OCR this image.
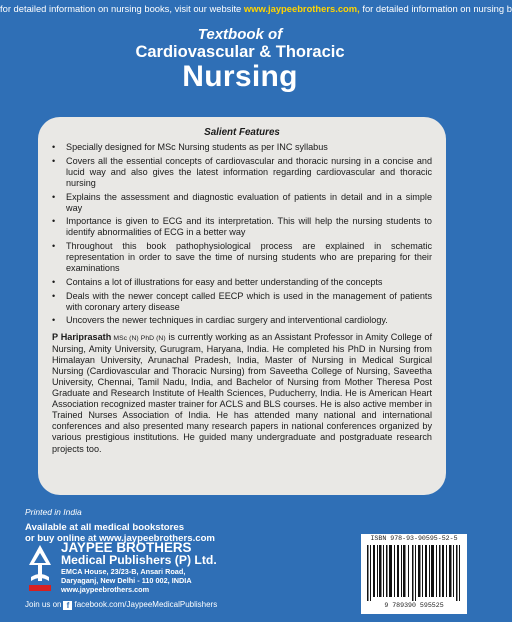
for detailed information on nursing books, visit our website www.jaypeebrothers.com, for detailed information on nursing b
Textbook of
Cardiovascular & Thoracic
Nursing
Salient Features
• Specially designed for MSc Nursing students as per INC syllabus
• Covers all the essential concepts of cardiovascular and thoracic nursing in a concise and lucid way and also gives the latest information regarding cardiovascular and thoracic nursing
• Explains the assessment and diagnostic evaluation of patients in detail and in a simple way
• Importance is given to ECG and its interpretation. This will help the nursing students to identify abnormalities of ECG in a better way
• Throughout this book pathophysiological process are explained in schematic representation in order to save the time of nursing students who are preparing for their examinations
• Contains a lot of illustrations for easy and better understanding of the concepts
• Deals with the newer concept called EECP which is used in the management of patients with coronary artery disease
• Uncovers the newer techniques in cardiac surgery and interventional cardiology.
P Hariprasath MSc (N) PhD (N) is currently working as an Assistant Professor in Amity College of Nursing, Amity University, Gurugram, Haryana, India. He completed his PhD in Nursing from Himalayan University, Arunachal Pradesh, India, Master of Nursing in Medical Surgical Nursing (Cardiovascular and Thoracic Nursing) from Saveetha College of Nursing, Saveetha University, Chennai, Tamil Nadu, India, and Bachelor of Nursing from Mother Theresa Post Graduate and Research Institute of Health Sciences, Puducherry, India. He is American Heart Association recognized master trainer for ACLS and BLS courses. He is also active member in Trained Nurses Association of India. He has attended many national and international conferences and also presented many research papers in national conferences organized by various prestigious institutions. He guided many undergraduate and postgraduate research projects too.
Printed in India
Available at all medical bookstores
or buy online at www.jaypeebrothers.com
JAYPEE BROTHERS
Medical Publishers (P) Ltd.
EMCA House, 23/23-B, Ansari Road,
Daryaganj, New Delhi - 110 002, INDIA
www.jaypeebrothers.com
Join us on f facebook.com/JaypeeMedicalPublishers
ISBN 978-93-90595-52-5
9 789390 595525
